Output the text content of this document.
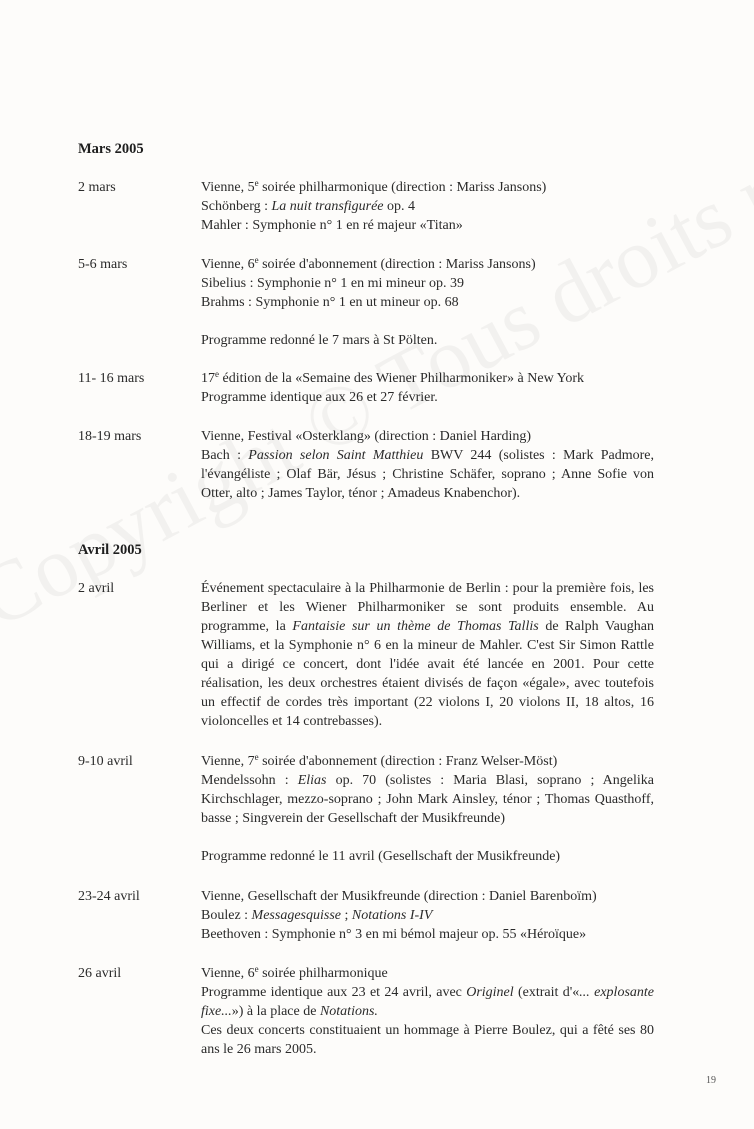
Mars 2005
2 mars	Vienne, 5e soirée philharmonique (direction : Mariss Jansons)
Schönberg : La nuit transfigurée op. 4
Mahler : Symphonie n° 1 en ré majeur «Titan»
5-6 mars	Vienne, 6e soirée d'abonnement (direction : Mariss Jansons)
Sibelius : Symphonie n° 1 en mi mineur op. 39
Brahms : Symphonie n° 1 en ut mineur op. 68
Programme redonné le 7 mars à St Pölten.
11- 16 mars	17e édition de la «Semaine des Wiener Philharmoniker» à New York
Programme identique aux 26 et 27 février.
18-19 mars	Vienne, Festival «Osterklang» (direction : Daniel Harding)
Bach : Passion selon Saint Matthieu BWV 244 (solistes : Mark Padmore, l'évangéliste ; Olaf Bär, Jésus ; Christine Schäfer, soprano ; Anne Sofie von Otter, alto ; James Taylor, ténor ; Amadeus Knabenchor).
Avril 2005
2 avril	Événement spectaculaire à la Philharmonie de Berlin : pour la première fois, les Berliner et les Wiener Philharmoniker se sont produits ensemble. Au programme, la Fantaisie sur un thème de Thomas Tallis de Ralph Vaughan Williams, et la Symphonie n° 6 en la mineur de Mahler. C'est Sir Simon Rattle qui a dirigé ce concert, dont l'idée avait été lancée en 2001. Pour cette réalisation, les deux orchestres étaient divisés de façon «égale», avec toutefois un effectif de cordes très important (22 violons I, 20 violons II, 18 altos, 16 violoncelles et 14 contrebasses).
9-10 avril	Vienne, 7e soirée d'abonnement (direction : Franz Welser-Möst)
Mendelssohn : Elias op. 70 (solistes : Maria Blasi, soprano ; Angelika Kirchschlager, mezzo-soprano ; John Mark Ainsley, ténor ; Thomas Quasthoff, basse ; Singverein der Gesellschaft der Musikfreunde)
Programme redonné le 11 avril (Gesellschaft der Musikfreunde)
23-24 avril	Vienne, Gesellschaft der Musikfreunde (direction : Daniel Barenboïm)
Boulez : Messagesquisse ; Notations I-IV
Beethoven : Symphonie n° 3 en mi bémol majeur op. 55 «Héroïque»
26 avril	Vienne, 6e soirée philharmonique
Programme identique aux 23 et 24 avril, avec Originel (extrait d'«... explosante fixe...») à la place de Notations.
Ces deux concerts constituaient un hommage à Pierre Boulez, qui a fêté ses 80 ans le 26 mars 2005.
19
